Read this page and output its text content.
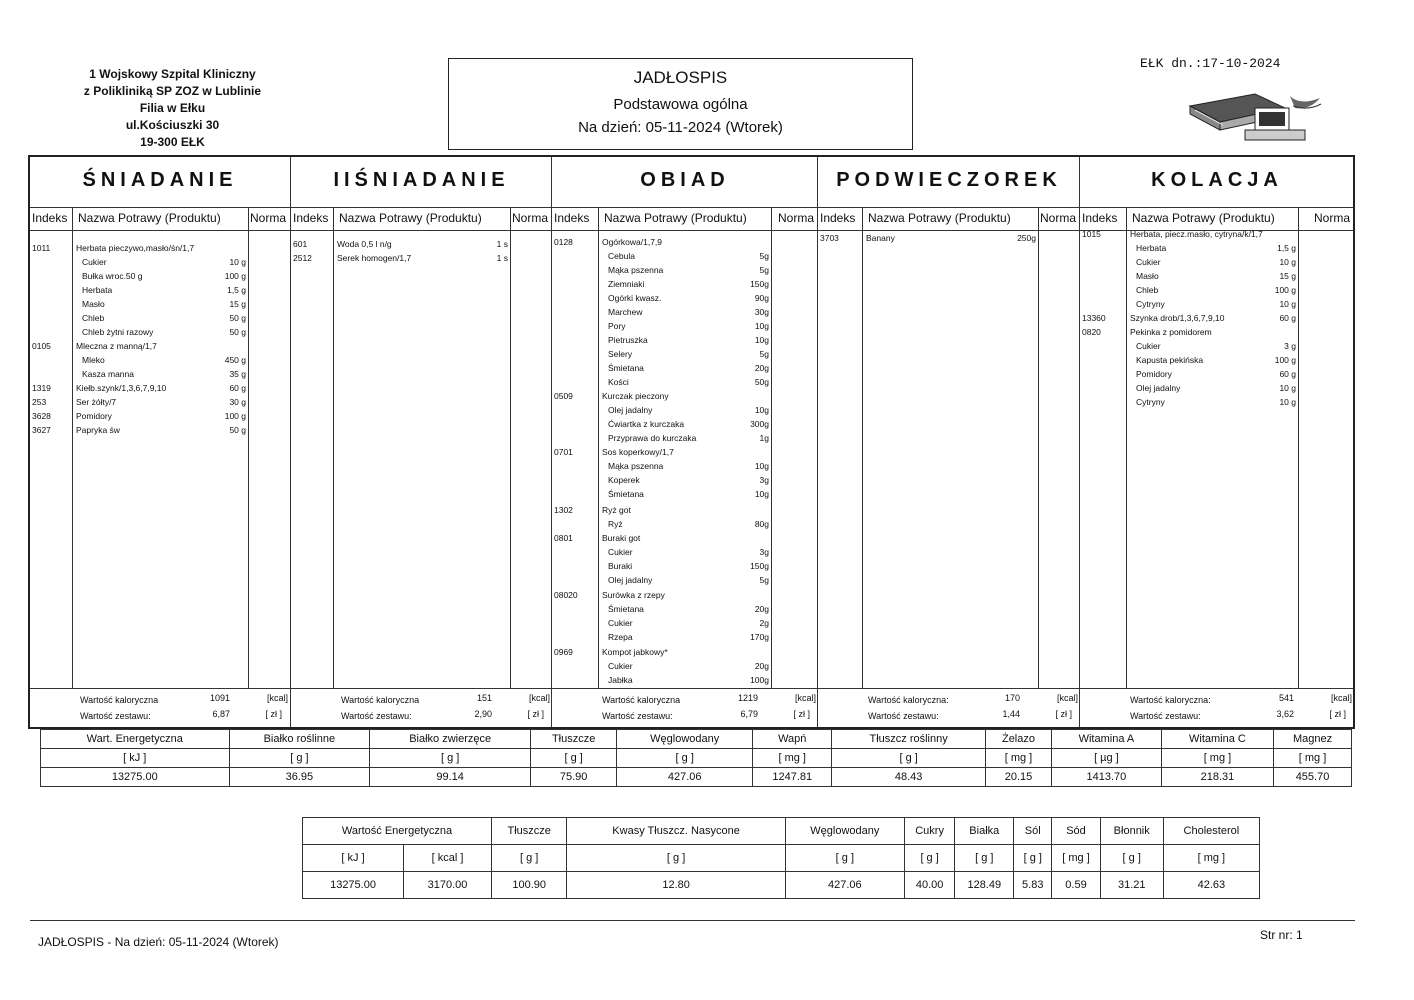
1 Wojskowy Szpital Kliniczny
z Polikliniką SP ZOZ w Lublinie
Filia w Ełku
ul.Kościuszki 30
19-300 EŁK
JADŁOSPIS
Podstawowa ogólna
Na dzień: 05-11-2024 (Wtorek)
EŁK dn.:17-10-2024
ŚNIADANIE
Indeks Nazwa Potrawy (Produktu) Norma
1011	Herbata pieczywo,masło/śn/1,7
Cukier	10 g
Bułka wroc.50 g	100 g
Herbata	1,5 g
Masło	15 g
Chleb	50 g
Chleb żytni razowy	50 g
0105	Mleczna z manną/1,7
Mleko	450 g
Kasza manna	35 g
1319	Kiełb.szynk/1,3,6,7,9,10	60 g
253	Ser żółty/7	30 g
3628	Pomidory	100 g
3627	Papryka św	50 g
Wartość kaloryczna	1091	[kcal]
Wartość zestawu:	6,87	[ zł ]
IIŚNIADANIE
Indeks Nazwa Potrawy (Produktu)	Norma
601	Woda 0,5 l n/g	1 s
2512	Serek homogen/1,7	1 s
Wartość kaloryczna	151	[kcal]
Wartość zestawu:	2,90	[ zł ]
OBIAD
Indeks Nazwa Potrawy (Produktu)	Norma
0128	Ogórkowa/1,7,9
Cebula	5g
Mąka pszenna	5g
Ziemniaki	150g
Ogórki kwasz.	90g
Marchew	30g
Pory	10g
Pietruszka	10g
Selery	5g
Śmietana	20g
Kości	50g
0509	Kurczak pieczony
Olej jadalny	10g
Ćwiartka z kurczaka	300g
Przyprawa do kurczaka	1g
0701	Sos koperkowy/1,7
Mąka pszenna	10g
Koperek	3g
Śmietana	10g
1302	Ryż got
Ryż	80g
0801	Buraki got
Cukier	3g
Buraki	150g
Olej jadalny	5g
08020	Surówka z rzepy
Śmietana	20g
Cukier	2g
Rzepa	170g
0969	Kompot jabkowy*
Cukier	20g
Jabłka	100g
Wartość kaloryczna	1219	[kcal]
Wartość zestawu:	6,79	[ zł ]
PODWIECZOREK
Indeks Nazwa Potrawy (Produktu) Norma
3703	Banany	250g
Wartość kaloryczna:	170	[kcal]
Wartość zestawu:	1,44	[ zł ]
KOLACJA
Indeks Nazwa Potrawy (Produktu)	Norma
1015	Herbata, piecz.masło, cytryna/k/1,7
Herbata	1,5 g
Cukier	10 g
Masło	15 g
Chleb	100 g
Cytryny	10 g
13360	Szynka drob/1,3,6,7,9,10	60 g
0820	Pekinka z pomidorem
Cukier	3 g
Kapusta pekińska	100 g
Pomidory	60 g
Olej jadalny	10 g
Cytryny	10 g
Wartość kaloryczna:	541	[kcal]
Wartość zestawu:	3,62	[ zł ]
Wart. Energetyczna	Białko roślinne	Białko zwierzęce	Tłuszcze	Węglowodany	Wapń	Tłuszcz roślinny	Żelazo	Witamina A	Witamina C	Magnez
[ kJ ]	[ g ]	[ g ]	[ g ]	[ g ]	[ mg ]	[ g ]	[ mg ]	[ µg ]	[ mg ]	[ mg ]
13275.00	36.95	99.14	75.90	427.06	1247.81	48.43	20.15	1413.70	218.31	455.70
Wartość Energetyczna		Tłuszcze	Kwasy Tłuszcz. Nasycone	Węglowodany	Cukry	Białka	Sól	Sód	Błonnik	Cholesterol
[ kJ ]	[ kcal ]	[ g ]	[ g ]	[ g ]	[ g ]	[ g ]	[ g ]	[ mg ]	[ g ]	[ mg ]
13275.00	3170.00	100.90	12.80	427.06	40.00	128.49	5.83	0.59	31.21	42.63
JADŁOSPIS - Na dzień: 05-11-2024 (Wtorek)	Str nr: 1
